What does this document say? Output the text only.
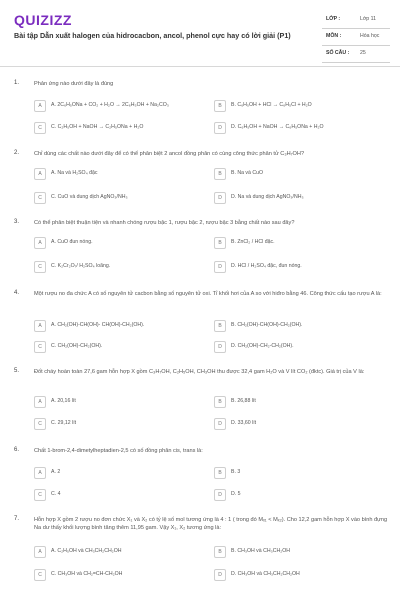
QUIZIZZ
Bài tập Dẫn xuất halogen của hidrocacbon, ancol, phenol cực hay có lời giải (P1)
LỚP :	Lớp 11
MÔN :	Hóa học
SỐ CÂU : 25
1.	Phản ứng nào dưới đây là đúng
A	A. 2C₆H₅ONa + CO₂ + H₂O → 2C₆H₅OH + Na₂CO₃	B	B. C₆H₅OH + HCl → C₆H₅Cl + H₂O
C	C. C₂H₅OH + NaOH → C₂H₅ONa + H₂O	D	D. C₆H₅OH + NaOH → C₆H₅ONa + H₂O
2.	Chỉ dùng các chất nào dưới đây để có thể phân biệt 2 ancol đồng phân có cùng công thức phân tử C₃H₇OH?
A	A. Na và H₂SO₄ đặc	B	B. Na và CuO
C	C. CuO và dung dịch AgNO₃/NH₃	D	D. Na và dung dịch AgNO₃/NH₃
3.	Có thể phân biệt thuận tiện và nhanh chóng rượu bậc 1, rượu bậc 2, rượu bậc 3 bằng chất nào sau đây?
A	A. CuO đun nóng.	B	B. ZnCl₂ / HCl đặc.
C	C. K₂Cr₂O₇/ H₂SO₄ loãng.	D	D. HCl / H₂SO₄ đặc, đun nóng.
4.	Một rượu no đa chức A có số nguyên tử cacbon bằng số nguyên tử oxi. Tỉ khối hơi của A so với hiđro bằng 46. Công thức cấu tạo rượu A là:
A	A. CH₂(OH)-CH(OH)- CH(OH)-CH₂(OH).	B	B. CH₂(OH)-CH(OH)-CH₂(OH).
C	C. CH₂(OH)-CH₂(OH).	D	D. CH₂(OH)-CH₂-CH₂(OH).
5.	Đốt cháy hoàn toàn 27,6 gam hỗn hợp X gồm C₃H₇OH, C₂H₅OH, CH₃OH thu được 32,4 gam H₂O và V lít CO₂ (đktc). Giá trị của V là:
A	A. 20,16 lít	B	B. 26,88 lít
C	C. 29,12 lít	D	D. 33,60 lít
6.	Chất 1-brom-2,4-dimetylheptadien-2,5 có số đồng phân cis, trans là:
A	A. 2	B	B. 3
C	C. 4	D	D. 5
7.	Hỗn hợp X gồm 2 rượu no đơn chức X₁ và X₂ có tỷ lệ số mol tương ứng là 4 : 1 ( trong đó Mₓ₁ < Mₓ₂). Cho 12,2 gam hỗn hợp X vào bình đựng Na dư thấy khối lượng bình tăng thêm 11,95 gam. Vậy X₁, X₂ tương ứng là:
A	A. C₂H₅OH và CH₃CH₂CH₂OH	B	B. CH₃OH và CH₃CH₂OH
C	C. CH₃OH và CH₂=CH-CH₂OH	D	D. CH₃OH và CH₃CH₂CH₂OH
